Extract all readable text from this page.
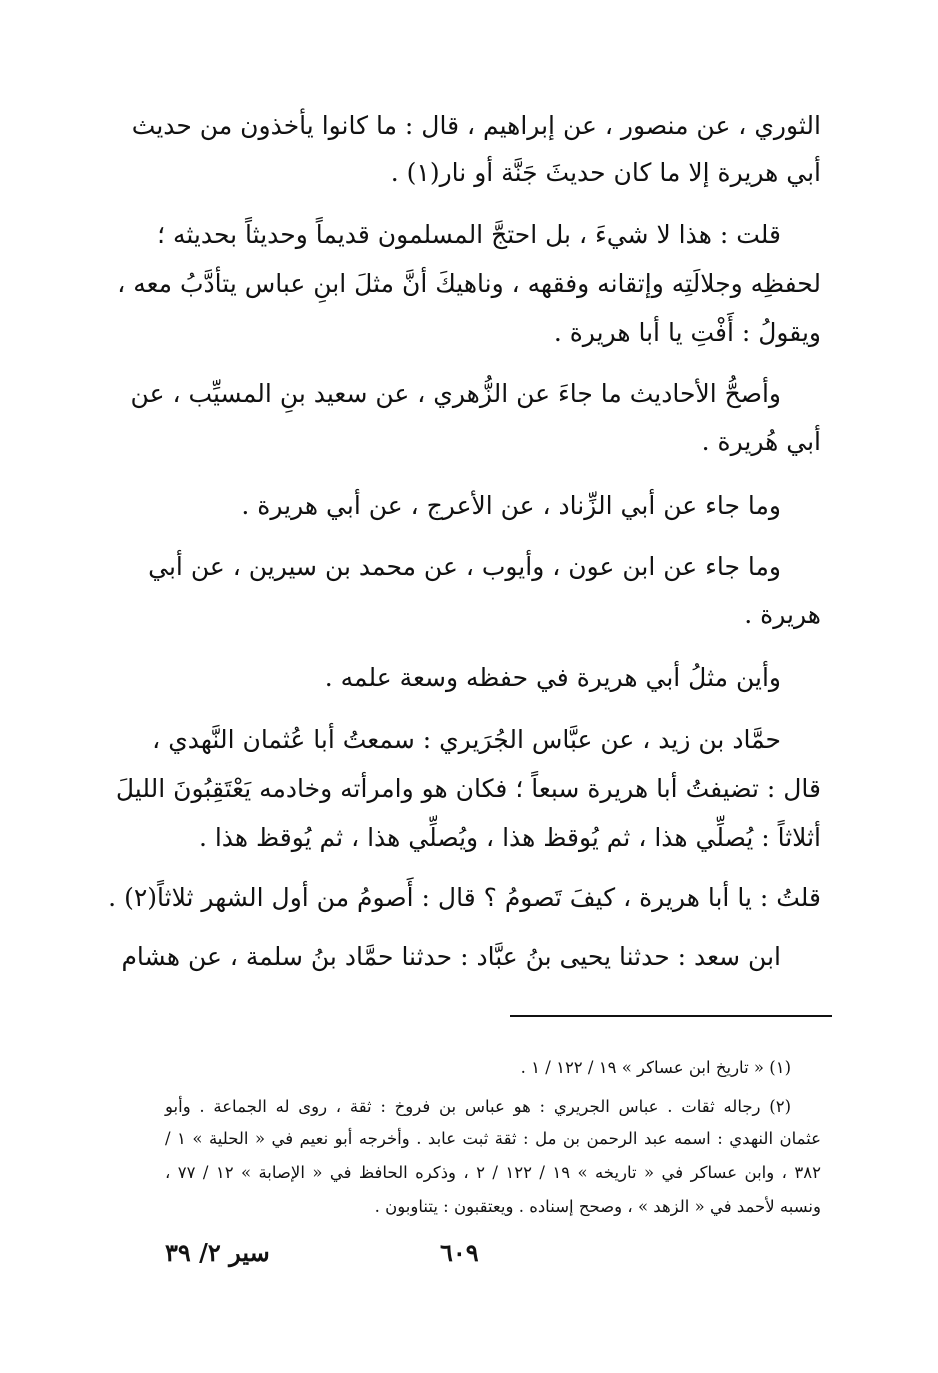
الثوري ، عن منصور ، عن إبراهيم ، قال : ما كانوا يأخذون من حديث
أبي هريرة إلا ما كان حديثَ جَنَّة أو نار(١) .
قلت : هذا لا شيءَ ، بل احتجَّ المسلمون قديماً وحديثاً بحديثه ؛
لحفظِه وجلالَتِه وإتقانه وفقهه ، وناهيكَ أنَّ مثلَ ابنِ عباس يتأدَّبُ معه ،
ويقولُ : أَفْتِ يا أبا هريرة .
وأصحُّ الأحاديث ما جاءَ عن الزُّهري ، عن سعيد بنِ المسيِّب ، عن
أبي هُريرة .
وما جاء عن أبي الزِّناد ، عن الأعرج ، عن أبي هريرة .
وما جاء عن ابن عون ، وأيوب ، عن محمد بن سيرين ، عن أبي
هريرة .
وأين مثلُ أبي هريرة في حفظه وسعة علمه .
حمَّاد بن زيد ، عن عبَّاس الجُرَيري : سمعتُ أبا عُثمان النَّهدي ،
قال : تضيفتُ أبا هريرة سبعاً ؛ فكان هو وامرأته وخادمه يَعْتَقِبُونَ الليلَ
أثلاثاً : يُصلِّي هذا ، ثم يُوقظ هذا ، ويُصلِّي هذا ، ثم يُوقظ هذا .
قلتُ : يا أبا هريرة ، كيفَ تَصومُ ؟ قال : أَصومُ من أول الشهر ثلاثاً(٢) .
ابن سعد : حدثنا يحيى بنُ عبَّاد : حدثنا حمَّاد بنُ سلمة ، عن هشام
(١) « تاريخ ابن عساكر » ١٩ / ١٢٢ / ١ .
(٢) رجاله ثقات . عباس الجريري : هو عباس بن فروخ : ثقة ، روى له الجماعة . وأبو
عثمان النهدي : اسمه عبد الرحمن بن مل : ثقة ثبت عابد . وأخرجه أبو نعيم في « الحلية » ١ /
٣٨٢ ، وابن عساكر في « تاريخه » ١٩ / ١٢٢ / ٢ ، وذكره الحافظ في « الإصابة » ١٢ / ٧٧ ،
ونسبه لأحمد في « الزهد » ، وصحح إسناده . ويعتقبون : يتناوبون .
٦٠٩
سير ٢/ ٣٩
